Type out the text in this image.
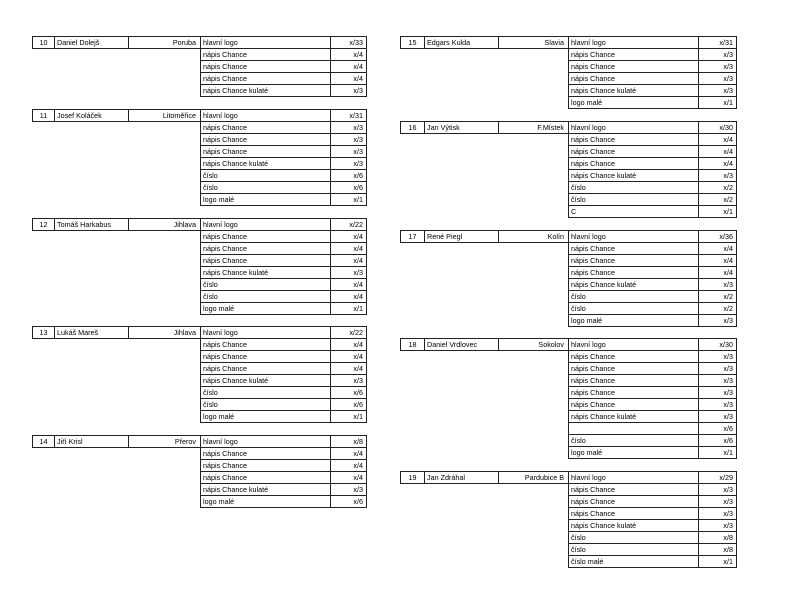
10	Daniel Dolejš	Poruba	hlavní logo	x/33
			nápis Chance	x/4
			nápis Chance	x/4
			nápis Chance	x/4
			nápis Chance kulaté	x/3
11	Josef Koláček	Litoměřice	hlavní logo	x/31
			nápis Chance	x/3
			nápis Chance	x/3
			nápis Chance	x/3
			nápis Chance kulaté	x/3
			číslo	x/6
			číslo	x/6
			logo malé	x/1
12	Tomáš Harkabus	Jihlava	hlavní logo	x/22
			nápis Chance	x/4
			nápis Chance	x/4
			nápis Chance	x/4
			nápis Chance kulaté	x/3
			číslo	x/4
			číslo	x/4
			logo malé	x/1
13	Lukáš Mareš	Jihlava	hlavní logo	x/22
			nápis Chance	x/4
			nápis Chance	x/4
			nápis Chance	x/4
			nápis Chance kulaté	x/3
			číslo	x/6
			číslo	x/6
			logo malé	x/1
14	Jiří Krisl	Přerov	hlavní logo	x/8
			nápis Chance	x/4
			nápis Chance	x/4
			nápis Chance	x/4
			nápis Chance kulaté	x/3
			logo malé	x/6
15	Edgars Kulda	Slavia	hlavní logo	x/31
			nápis Chance	x/3
			nápis Chance	x/3
			nápis Chance	x/3
			nápis Chance kulaté	x/3
			logo malé	x/1
16	Jan Výtisk	F.Místek	hlavní logo	x/30
			nápis Chance	x/4
			nápis Chance	x/4
			nápis Chance	x/4
			nápis Chance kulaté	x/3
			číslo	x/2
			číslo	x/2
			C	x/1
17	René Piegl	Kolín	hlavní logo	x/36
			nápis Chance	x/4
			nápis Chance	x/4
			nápis Chance	x/4
			nápis Chance kulaté	x/3
			číslo	x/2
			číslo	x/2
			logo malé	x/3
18	Daniel Vrdlovec	Sokolov	hlavní logo	x/30
			nápis Chance	x/3
			nápis Chance	x/3
			nápis Chance	x/3
			nápis Chance	x/3
			nápis Chance	x/3
			nápis Chance kulaté	x/3
				x/6
			číslo	x/6
			logo malé	x/1
19	Jan Zdráhal	Pardubice B	hlavní logo	x/29
			nápis Chance	x/3
			nápis Chance	x/3
			nápis Chance	x/3
			nápis Chance kulaté	x/3
			číslo	x/8
			číslo	x/8
			číslo malé	x/1
